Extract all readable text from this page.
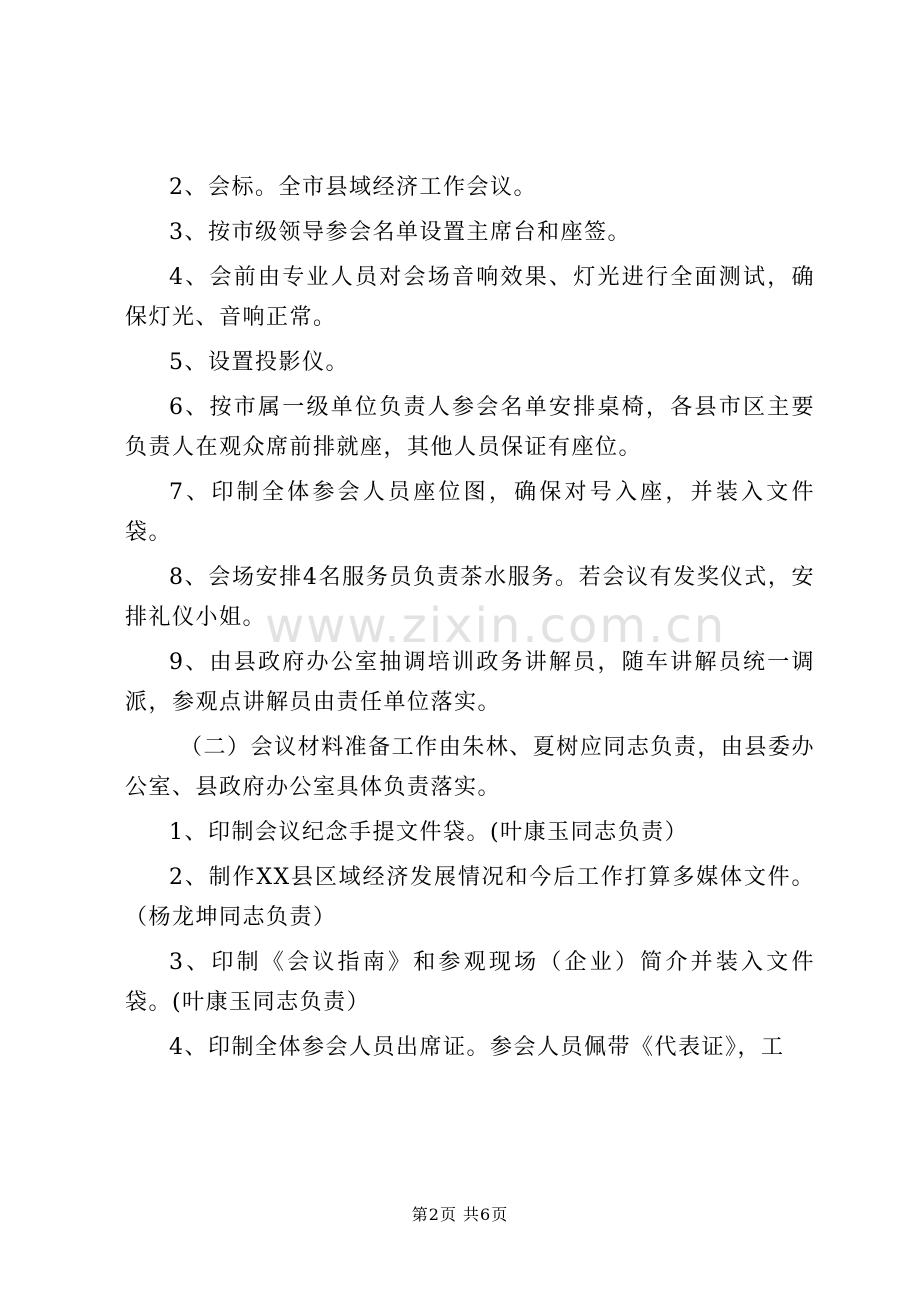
www.zixin.com.cn

2、会标。全市县域经济工作会议。

3、按市级领导参会名单设置主席台和座签。

4、会前由专业人员对会场音响效果、灯光进行全面测试，确保灯光、音响正常。

5、设置投影仪。

6、按市属一级单位负责人参会名单安排桌椅，各县市区主要负责人在观众席前排就座，其他人员保证有座位。

7、印制全体参会人员座位图，确保对号入座，并装入文件袋。

8、会场安排4名服务员负责茶水服务。若会议有发奖仪式，安排礼仪小姐。

9、由县政府办公室抽调培训政务讲解员，随车讲解员统一调派，参观点讲解员由责任单位落实。

（二）会议材料准备工作由朱林、夏树应同志负责，由县委办公室、县政府办公室具体负责落实。

1、印制会议纪念手提文件袋。(叶康玉同志负责）

2、制作XX县区域经济发展情况和今后工作打算多媒体文件。（杨龙坤同志负责）

3、印制《会议指南》和参观现场（企业）简介并装入文件袋。(叶康玉同志负责）

4、印制全体参会人员出席证。参会人员佩带《代表证》，工

第2页 共6页
